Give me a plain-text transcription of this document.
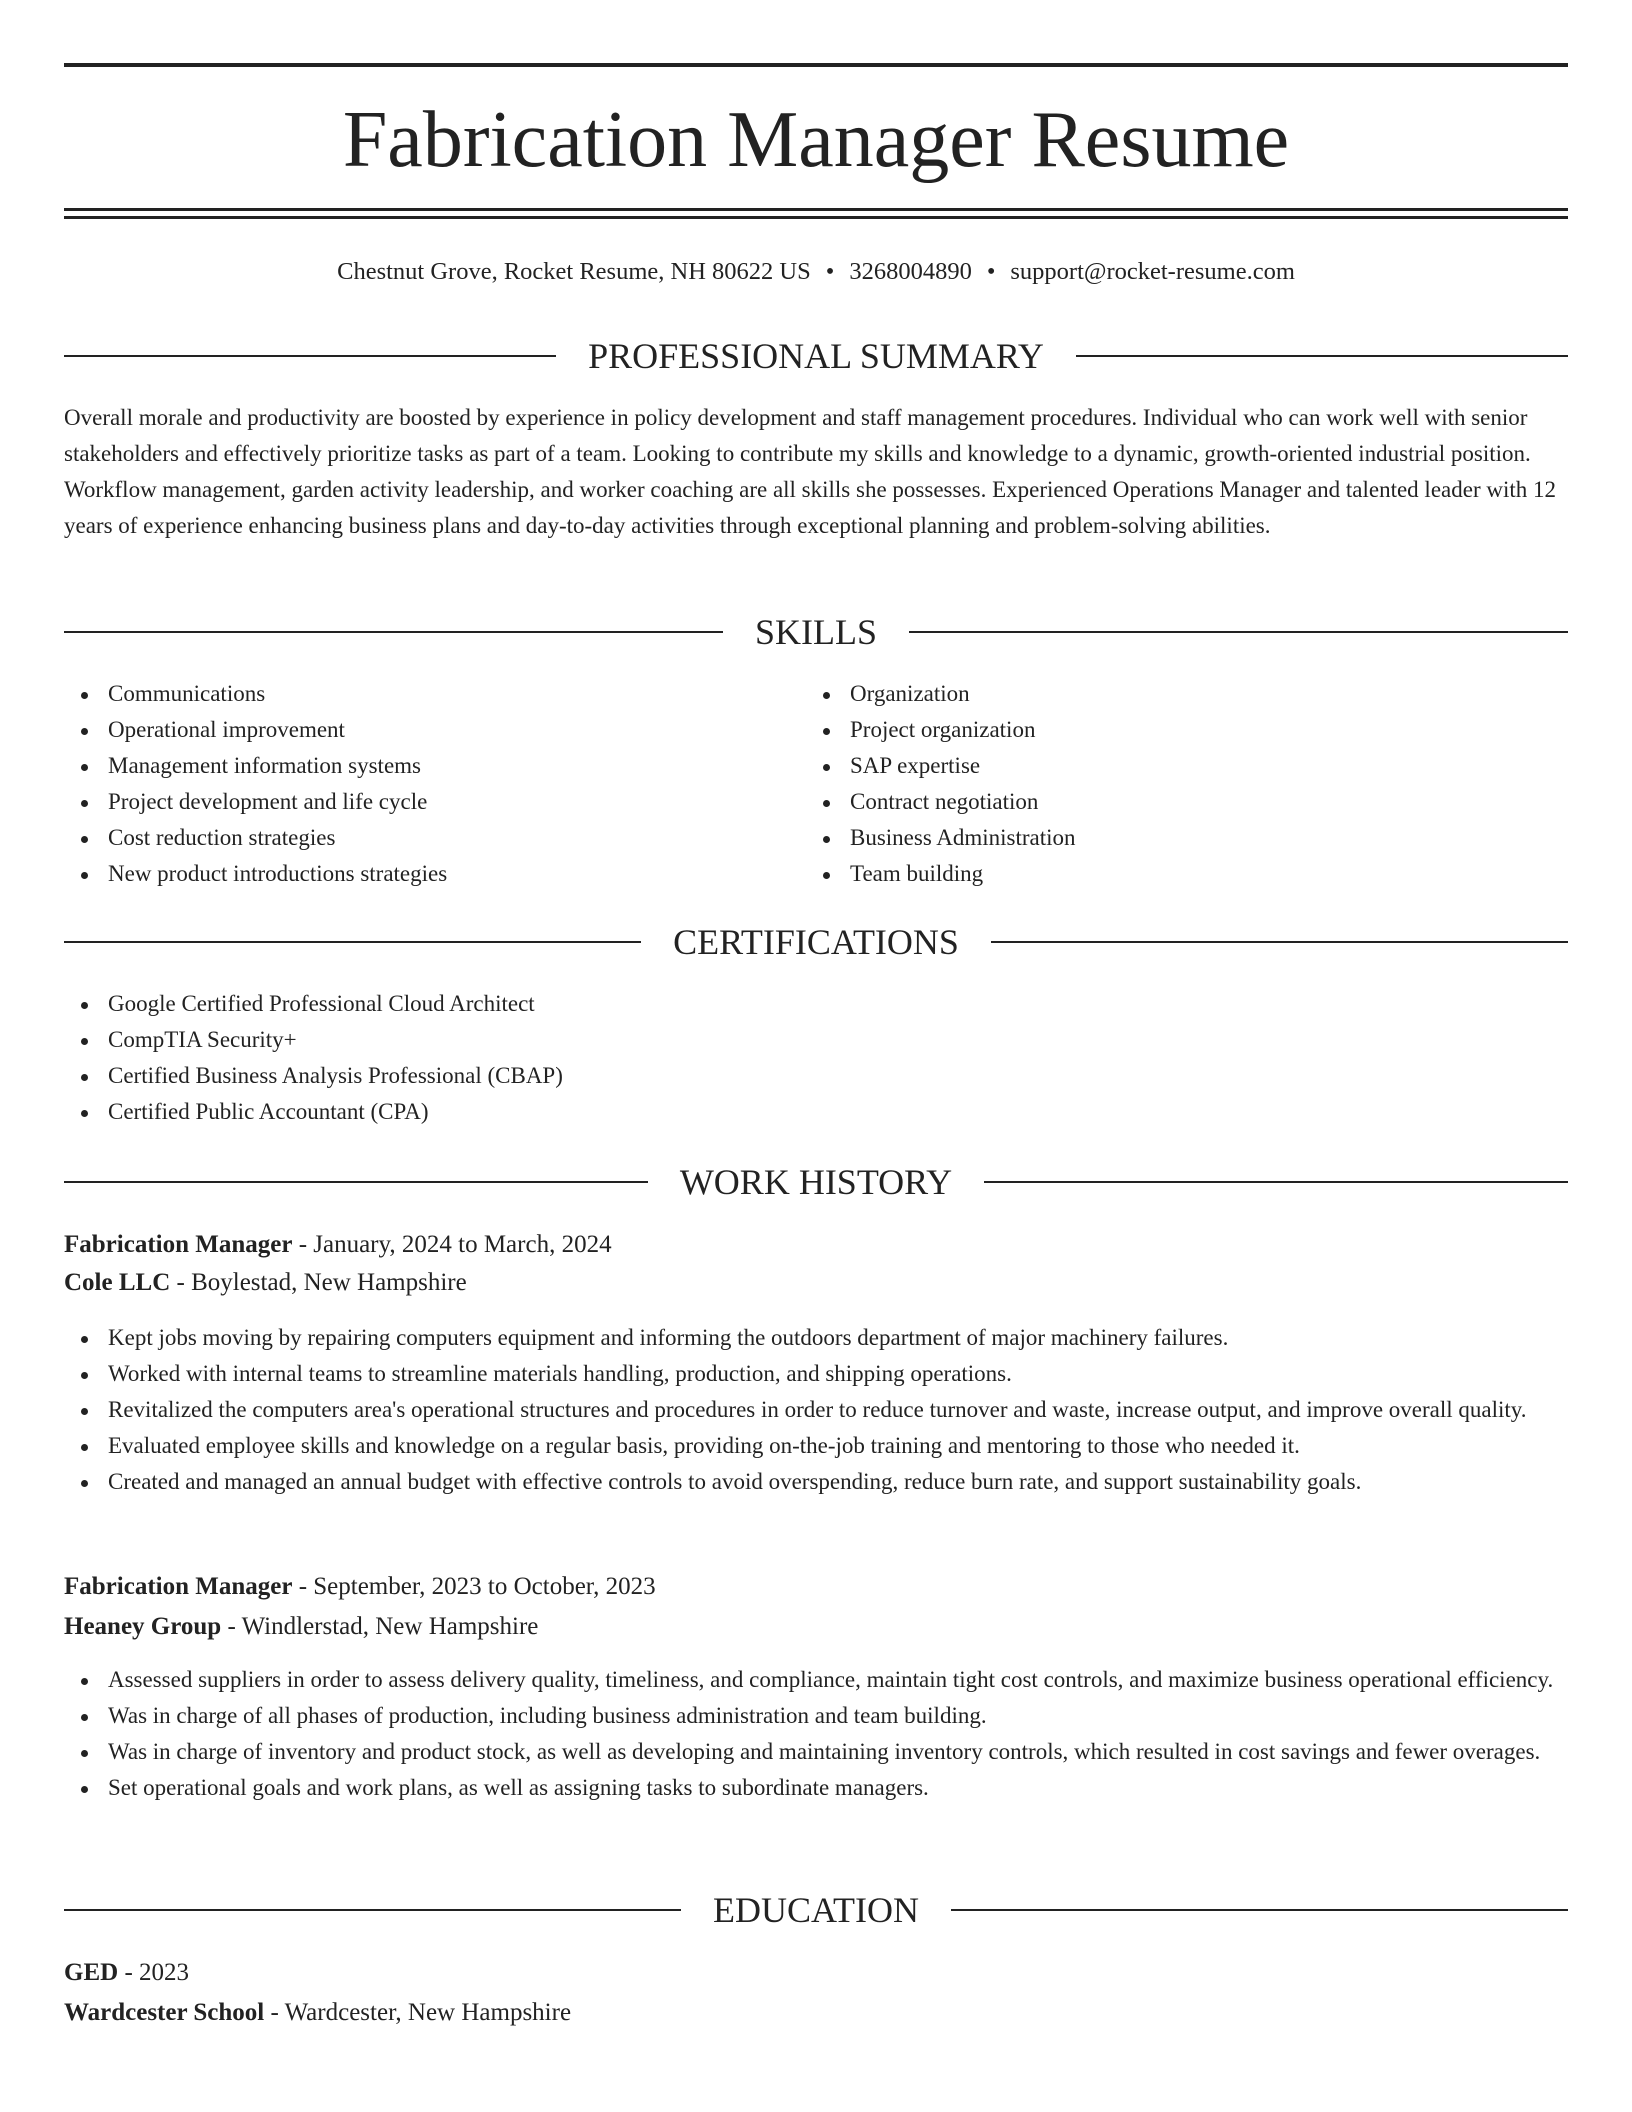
Fabrication Manager Resume
Chestnut Grove, Rocket Resume, NH 80622 US • 3268004890 • support@rocket-resume.com
PROFESSIONAL SUMMARY

Overall morale and productivity are boosted by experience in policy development and staff management procedures. Individual who can work well with senior stakeholders and effectively prioritize tasks as part of a team. Looking to contribute my skills and knowledge to a dynamic, growth-oriented industrial position. Workflow management, garden activity leadership, and worker coaching are all skills she possesses. Experienced Operations Manager and talented leader with 12 years of experience enhancing business plans and day-to-day activities through exceptional planning and problem-solving abilities.

SKILLS
Communications
Operational improvement
Management information systems
Project development and life cycle
Cost reduction strategies
New product introductions strategies
Organization
Project organization
SAP expertise
Contract negotiation
Business Administration
Team building
CERTIFICATIONS
Google Certified Professional Cloud Architect
CompTIA Security+
Certified Business Analysis Professional (CBAP)
Certified Public Accountant (CPA)
WORK HISTORY
Fabrication Manager - January, 2024 to March, 2024
Cole LLC - Boylestad, New Hampshire
Kept jobs moving by repairing computers equipment and informing the outdoors department of major machinery failures.
Worked with internal teams to streamline materials handling, production, and shipping operations.
Revitalized the computers area's operational structures and procedures in order to reduce turnover and waste, increase output, and improve overall quality.
Evaluated employee skills and knowledge on a regular basis, providing on-the-job training and mentoring to those who needed it.
Created and managed an annual budget with effective controls to avoid overspending, reduce burn rate, and support sustainability goals.
Fabrication Manager - September, 2023 to October, 2023
Heaney Group - Windlerstad, New Hampshire
Assessed suppliers in order to assess delivery quality, timeliness, and compliance, maintain tight cost controls, and maximize business operational efficiency.
Was in charge of all phases of production, including business administration and team building.
Was in charge of inventory and product stock, as well as developing and maintaining inventory controls, which resulted in cost savings and fewer overages.
Set operational goals and work plans, as well as assigning tasks to subordinate managers.
EDUCATION
GED - 2023
Wardcester School - Wardcester, New Hampshire
